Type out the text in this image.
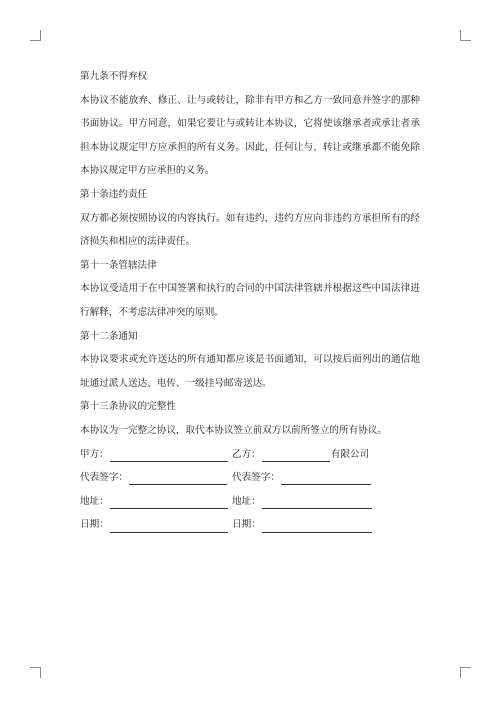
第九条不得弃权

本协议不能放弃、修正、让与或转让，除非有甲方和乙方一致同意并签字的那种书面协议。甲方同意，如果它要让与或转让本协议，它将使该继承者或承让者承担本协议规定甲方应承担的所有义务。因此，任何让与、转让或继承都不能免除本协议规定甲方应承担的义务。

第十条违约责任

双方都必须按照协议的内容执行。如有违约，违约方应向非违约方承担所有的经济损失和相应的法律责任。

第十一条管辖法律

本协议受适用于在中国签署和执行的合同的中国法律管辖并根据这些中国法律进行解释，不考虑法律冲突的原则。

第十二条通知

本协议要求或允许送达的所有通知都应该是书面通知，可以按后面列出的通信地址通过派人送达、电传、一级挂号邮寄送达。

第十三条协议的完整性

本协议为一完整之协议，取代本协议签立前双方以前所签立的所有协议。

甲方：	乙方：	有限公司
代表签字：	代表签字：
地址：	地址：
日期：	日期：
